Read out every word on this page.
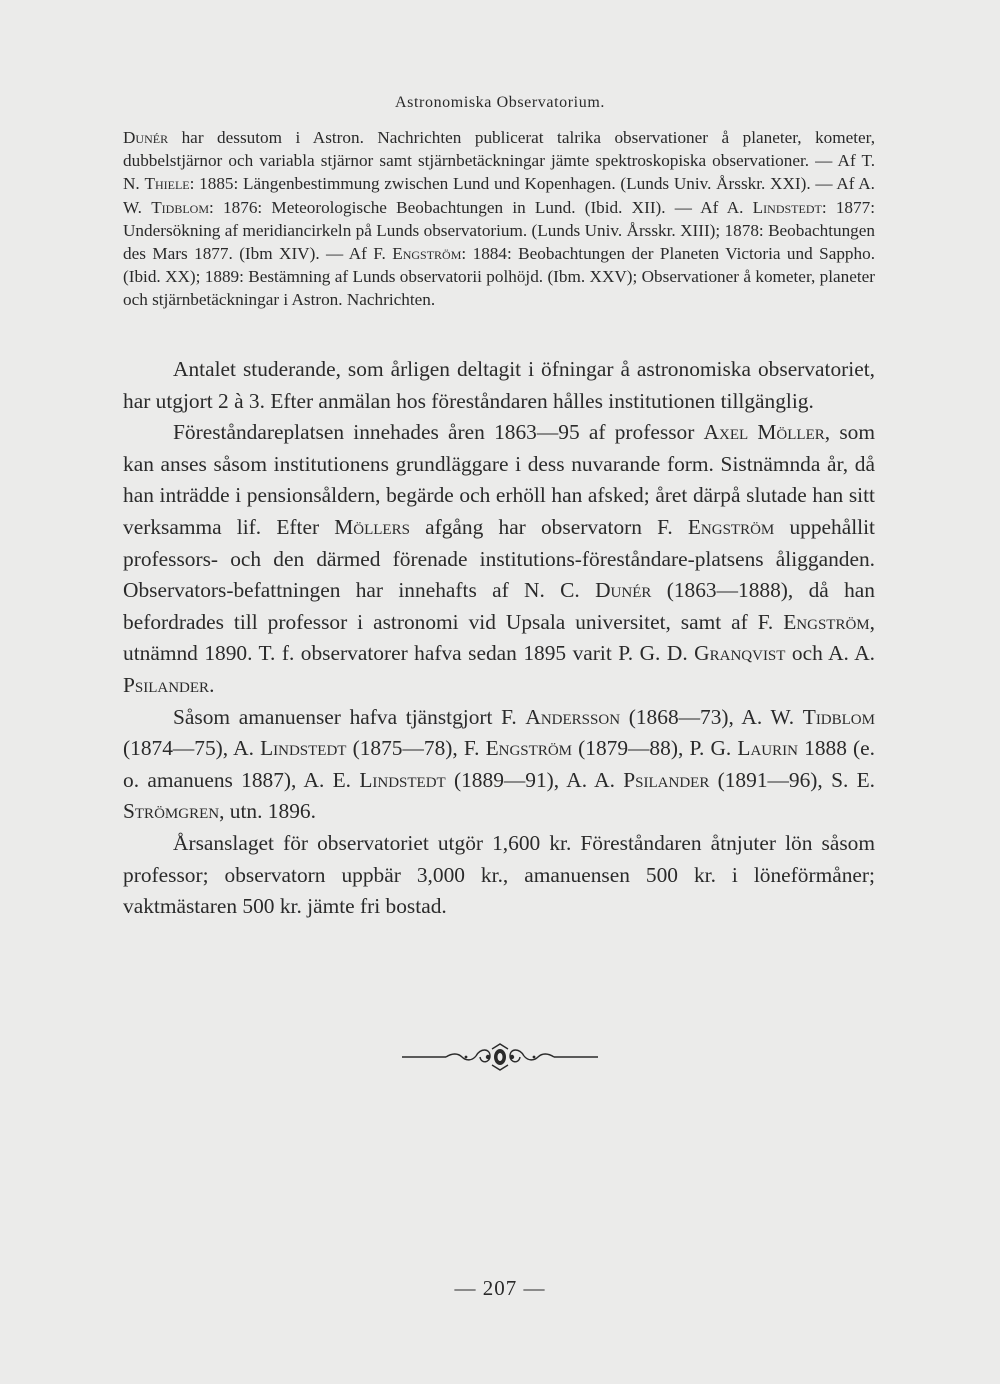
Astronomiska Observatorium.
Dunér har dessutom i Astron. Nachrichten publicerat talrika observationer å planeter, kometer, dubbelstjärnor och variabla stjärnor samt stjärnbetäckningar jämte spektroskopiska observationer. — Af T. N. Thiele: 1885: Längenbestimmung zwischen Lund und Kopenhagen. (Lunds Univ. Årsskr. XXI). — Af A. W. Tidblom: 1876: Meteorologische Beobachtungen in Lund. (Ibid. XII). — Af A. Lindstedt: 1877: Undersökning af meridiancirkeln på Lunds observatorium. (Lunds Univ. Årsskr. XIII); 1878: Beobachtungen des Mars 1877. (Ibm XIV). — Af F. Engström: 1884: Beobachtungen der Planeten Victoria und Sappho. (Ibid. XX); 1889: Bestämning af Lunds observatorii polhöjd. (Ibm. XXV); Observationer å kometer, planeter och stjärnbetäckningar i Astron. Nachrichten.

Antalet studerande, som årligen deltagit i öfningar å astronomiska observatoriet, har utgjort 2 à 3. Efter anmälan hos föreståndaren hålles institutionen tillgänglig.

Föreståndareplatsen innehades åren 1863—95 af professor Axel Möller, som kan anses såsom institutionens grundläggare i dess nuvarande form. Sistnämnda år, då han inträdde i pensionsåldern, begärde och erhöll han afsked; året därpå slutade han sitt verksamma lif. Efter Möllers afgång har observatorn F. Engström uppehållit professors- och den därmed förenade institutions-föreståndare-platsens åligganden. Observators-befattningen har innehafts af N. C. Dunér (1863—1888), då han befordrades till professor i astronomi vid Upsala universitet, samt af F. Engström, utnämnd 1890. T. f. observatorer hafva sedan 1895 varit P. G. D. Granqvist och A. A. Psilander.

Såsom amanuenser hafva tjänstgjort F. Andersson (1868—73), A. W. Tidblom (1874—75), A. Lindstedt (1875—78), F. Engström (1879—88), P. G. Laurin 1888 (e. o. amanuens 1887), A. E. Lindstedt (1889—91), A. A. Psilander (1891—96), S. E. Strömgren, utn. 1896.

Årsanslaget för observatoriet utgör 1,600 kr. Föreståndaren åtnjuter lön såsom professor; observatorn uppbär 3,000 kr., amanuensen 500 kr. i löneförmåner; vaktmästaren 500 kr. jämte fri bostad.

— 207 —
